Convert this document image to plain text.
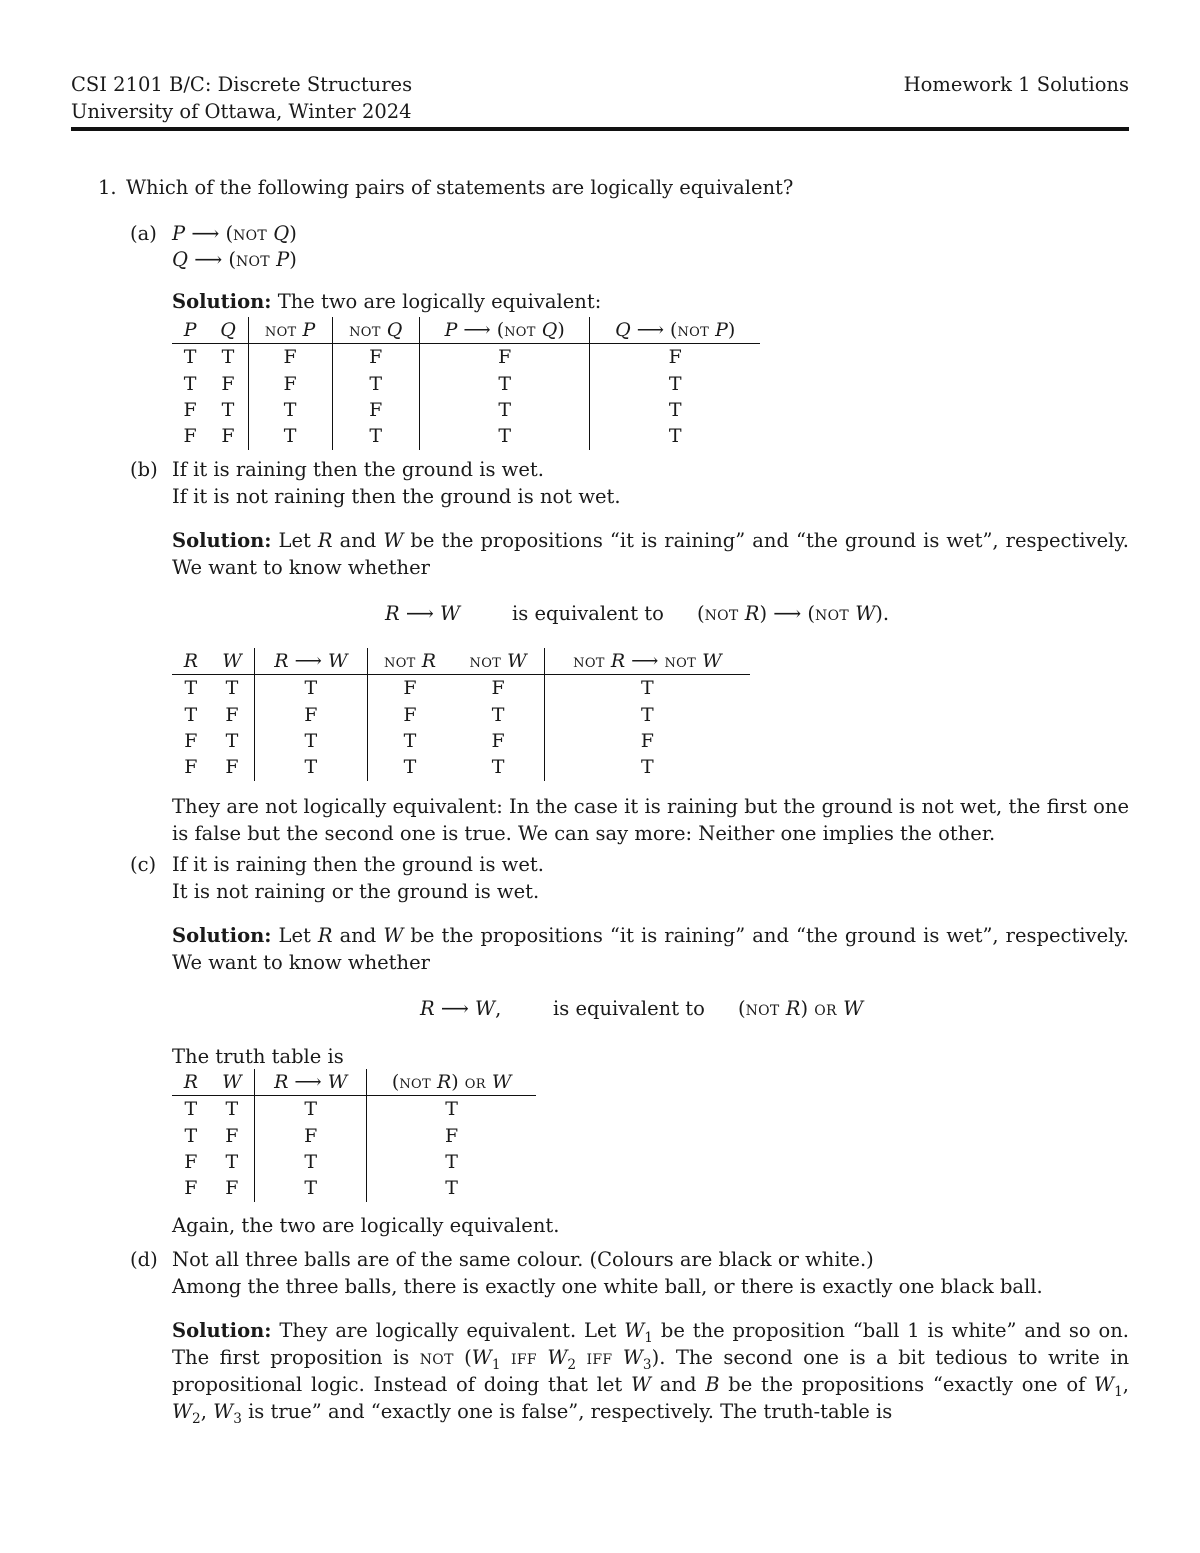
CSI 2101 B/C: Discrete Structures
University of Ottawa, Winter 2024
Homework 1 Solutions
1. Which of the following pairs of statements are logically equivalent?
(a) P ⟶ (not Q)
Q ⟶ (not P)
Solution: The two are logically equivalent:
P	Q	not P	not Q	P ⟶ (not Q)	Q ⟶ (not P)
T	T	F	F	F	F
T	F	F	T	T	T
F	T	T	F	T	T
F	F	T	T	T	T
(b) If it is raining then the ground is wet.
If it is not raining then the ground is not wet.
Solution: Let R and W be the propositions “it is raining” and “the ground is wet”, respectively. We want to know whether
R ⟶ W	is equivalent to (not R) ⟶ (not W).
R	W	R ⟶ W	not R	not W	not R ⟶ not W
T	T	T	F	F	T
T	F	F	F	T	T
F	T	T	T	F	F
F	F	T	T	T	T
They are not logically equivalent: In the case it is raining but the ground is not wet, the first one is false but the second one is true. We can say more: Neither one implies the other.
(c) If it is raining then the ground is wet.
It is not raining or the ground is wet.
Solution: Let R and W be the propositions “it is raining” and “the ground is wet”, respectively. We want to know whether
R ⟶ W,	is equivalent to (not R) or W
The truth table is
R	W	R ⟶ W	(not R) or W
T	T	T	T
T	F	F	F
F	T	T	T
F	F	T	T
Again, the two are logically equivalent.
(d) Not all three balls are of the same colour. (Colours are black or white.)
Among the three balls, there is exactly one white ball, or there is exactly one black ball.
Solution: They are logically equivalent. Let $W_1$ be the proposition “ball 1 is white” and so on. The first proposition is not ($W_1$ iff $W_2$ iff $W_3$). The second one is a bit tedious to write in propositional logic. Instead of doing that let W and B be the propositions “exactly one of $W_1$, $W_2$, $W_3$ is true” and “exactly one is false”, respectively. The truth-table is
